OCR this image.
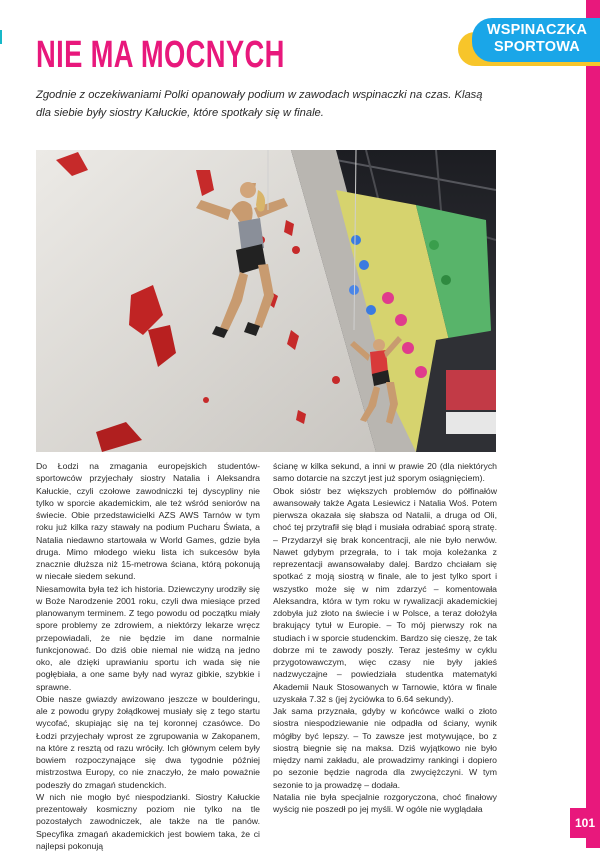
WSPINACZKA
SPORTOWA
NIE MA MOCNYCH

Zgodnie z oczekiwaniami Polki opanowały podium w zawodach wspinaczki na czas. Klasą dla siebie były siostry Kałuckie, które spotkały się w finale.

Do Łodzi na zmagania europejskich studentów-sportowców przyjechały siostry Natalia i Aleksandra Kałuckie, czyli czołowe zawodniczki tej dyscypliny nie tylko w sporcie akademickim, ale też wśród seniorów na świecie. Obie przedstawicielki AZS AWS Tarnów w tym roku już kilka razy stawały na podium Pucharu Świata, a Natalia niedawno startowała w World Games, gdzie była druga. Mimo młodego wieku lista ich sukcesów była znacznie dłuższa niż 15-metrowa ściana, którą pokonują w niecałe siedem sekund.

Niesamowita była też ich historia. Dziewczyny urodziły się w Boże Narodzenie 2001 roku, czyli dwa miesiące przed planowanym terminem. Z tego powodu od początku miały spore problemy ze zdrowiem, a niektórzy lekarze wręcz przepowiadali, że nie będzie im dane normalnie funkcjonować. Do dziś obie niemal nie widzą na jedno oko, ale dzięki uprawianiu sportu ich wada się nie pogłębiała, a one same były nad wyraz gibkie, szybkie i sprawne.

Obie nasze gwiazdy awizowano jeszcze w boulderingu, ale z powodu grypy żołądkowej musiały się z tego startu wycofać, skupiając się na tej koronnej czasówce. Do Łodzi przyjechały wprost ze zgrupowania w Zakopanem, na które z resztą od razu wróciły. Ich głównym celem były bowiem rozpoczynające się dwa tygodnie później mistrzostwa Europy, co nie znaczyło, że mało poważnie podeszły do zmagań studenckich.

W nich nie mogło być niespodzianki. Siostry Kałuckie prezentowały kosmiczny poziom nie tylko na tle pozostałych zawodniczek, ale także na tle panów. Specyfika zmagań akademickich jest bowiem taka, że ci najlepsi pokonują

ścianę w kilka sekund, a inni w prawie 20 (dla niektórych samo dotarcie na szczyt jest już sporym osiągnięciem).

Obok sióstr bez większych problemów do półfinałów awansowały także Agata Lesiewicz i Natalia Woś. Potem pierwsza okazała się słabsza od Natalii, a druga od Oli, choć tej przytrafił się błąd i musiała odrabiać sporą stratę. – Przydarzył się brak koncentracji, ale nie było nerwów. Nawet gdybym przegrała, to i tak moja koleżanka z reprezentacji awansowałaby dalej. Bardzo chciałam się spotkać z moją siostrą w finale, ale to jest tylko sport i wszystko może się w nim zdarzyć – komentowała Aleksandra, która w tym roku w rywalizacji akademickiej zdobyła już złoto na świecie i w Polsce, a teraz dołożyła brakujący tytuł w Europie. – To mój pierwszy rok na studiach i w sporcie studenckim. Bardzo się cieszę, że tak dobrze mi te zawody poszły. Teraz jesteśmy w cyklu przygotowawczym, więc czasy nie były jakieś nadzwyczajne – powiedziała studentka matematyki Akademii Nauk Stosowanych w Tarnowie, która w finale uzyskała 7.32 s (jej życiówka to 6.64 sekundy).

Jak sama przyznała, gdyby w końcówce walki o złoto siostra niespodziewanie nie odpadła od ściany, wynik mógłby być lepszy. – To zawsze jest motywujące, bo z siostrą biegnie się na maksa. Dziś wyjątkowo nie było między nami zakładu, ale prowadzimy rankingi i dopiero po sezonie będzie nagroda dla zwyciężczyni. W tym sezonie to ja prowadzę – dodała.

Natalia nie była specjalnie rozgoryczona, choć finałowy wyścig nie poszedł po jej myśli. W ogóle nie wyglądała

101
